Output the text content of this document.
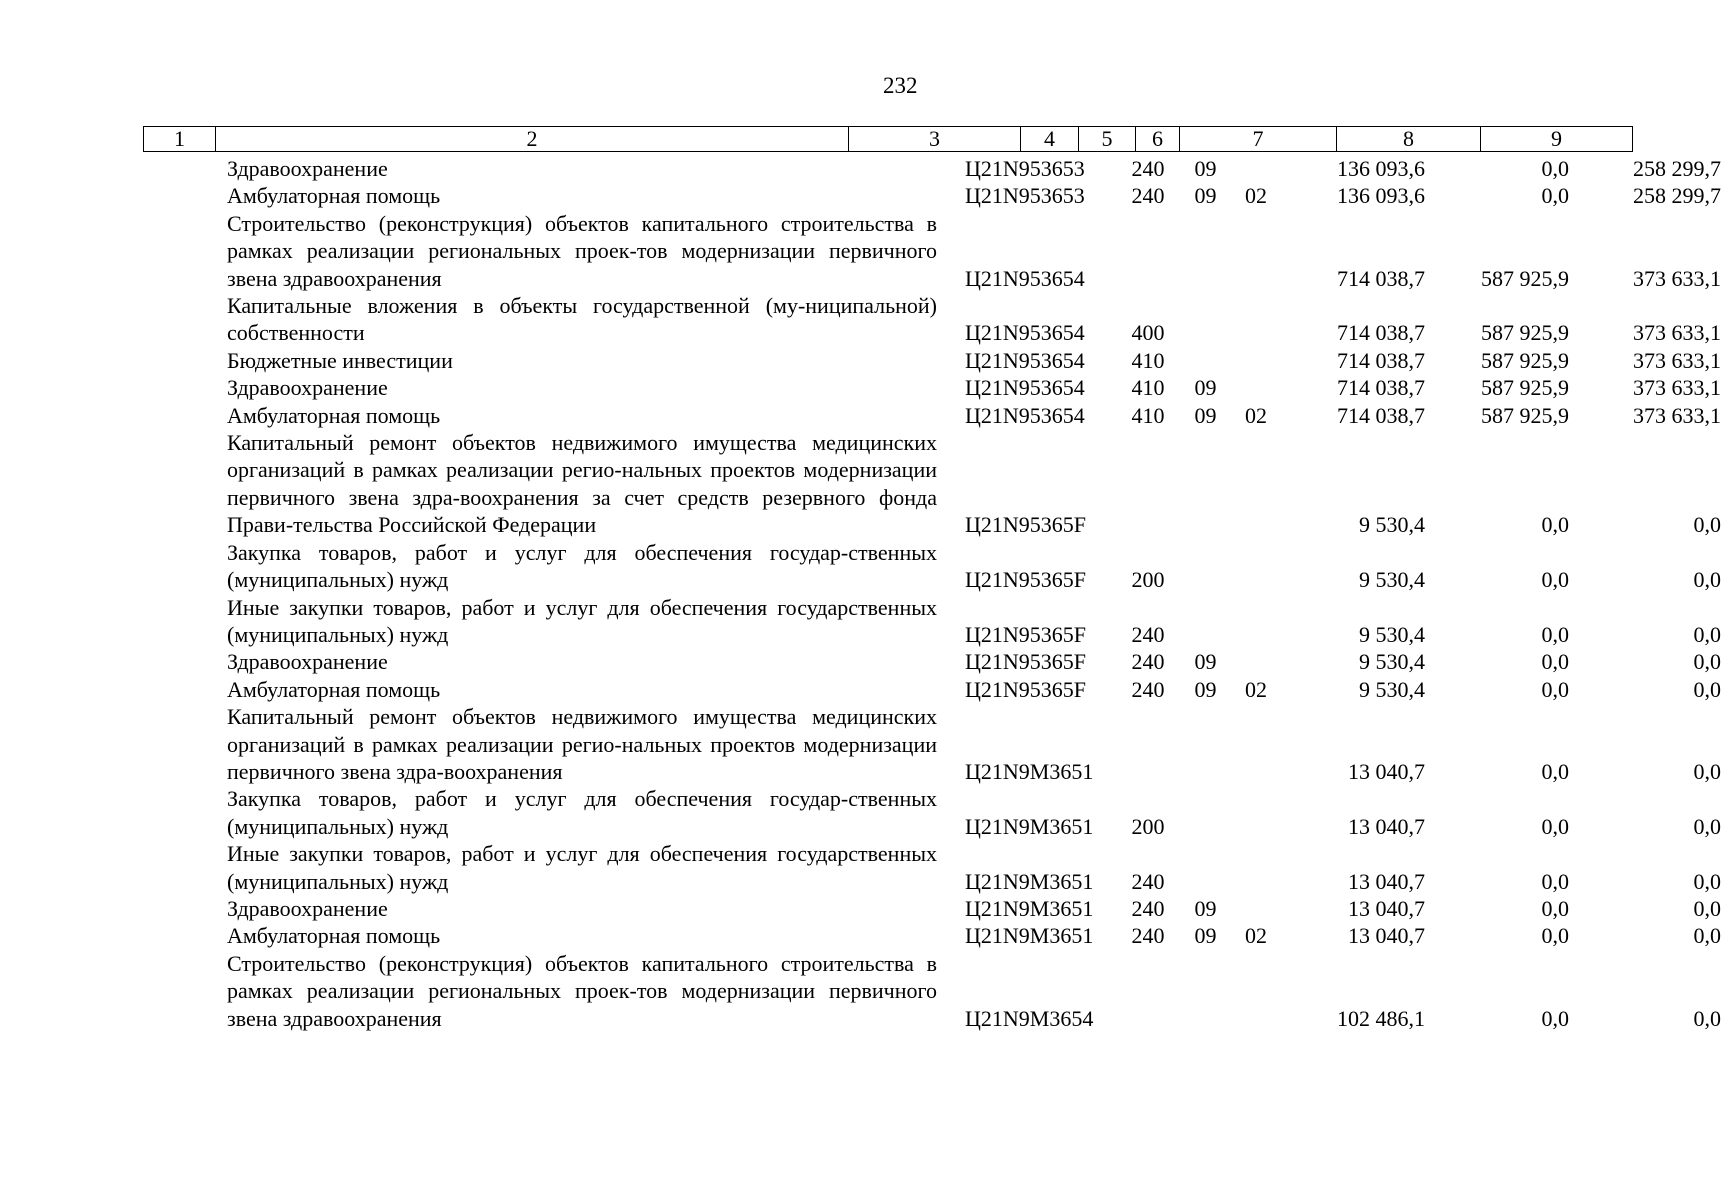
232
1	2	3	4	5	6	7	8	9
Здравоохранение	Ц21N953653	240	09		136 093,6	0,0	258 299,7
Амбулаторная помощь	Ц21N953653	240	09	02	136 093,6	0,0	258 299,7
Строительство (реконструкция) объектов капитального строительства в рамках реализации региональных проек-тов модернизации первичного звена здравоохранения	Ц21N953654				714 038,7	587 925,9	373 633,1
Капитальные вложения в объекты государственной (му-ниципальной) собственности	Ц21N953654	400			714 038,7	587 925,9	373 633,1
Бюджетные инвестиции	Ц21N953654	410			714 038,7	587 925,9	373 633,1
Здравоохранение	Ц21N953654	410	09		714 038,7	587 925,9	373 633,1
Амбулаторная помощь	Ц21N953654	410	09	02	714 038,7	587 925,9	373 633,1
Капитальный ремонт объектов недвижимого имущества медицинских организаций в рамках реализации регио-нальных проектов модернизации первичного звена здра-воохранения за счет средств резервного фонда Прави-тельства Российской Федерации	Ц21N95365F				9 530,4	0,0	0,0
Закупка товаров, работ и услуг для обеспечения государ-ственных (муниципальных) нужд	Ц21N95365F	200			9 530,4	0,0	0,0
Иные закупки товаров, работ и услуг для обеспечения государственных (муниципальных) нужд	Ц21N95365F	240			9 530,4	0,0	0,0
Здравоохранение	Ц21N95365F	240	09		9 530,4	0,0	0,0
Амбулаторная помощь	Ц21N95365F	240	09	02	9 530,4	0,0	0,0
Капитальный ремонт объектов недвижимого имущества медицинских организаций в рамках реализации регио-нальных проектов модернизации первичного звена здра-воохранения	Ц21N9M3651				13 040,7	0,0	0,0
Закупка товаров, работ и услуг для обеспечения государ-ственных (муниципальных) нужд	Ц21N9M3651	200			13 040,7	0,0	0,0
Иные закупки товаров, работ и услуг для обеспечения государственных (муниципальных) нужд	Ц21N9M3651	240			13 040,7	0,0	0,0
Здравоохранение	Ц21N9M3651	240	09		13 040,7	0,0	0,0
Амбулаторная помощь	Ц21N9M3651	240	09	02	13 040,7	0,0	0,0
Строительство (реконструкция) объектов капитального строительства в рамках реализации региональных проек-тов модернизации первичного звена здравоохранения	Ц21N9M3654				102 486,1	0,0	0,0
